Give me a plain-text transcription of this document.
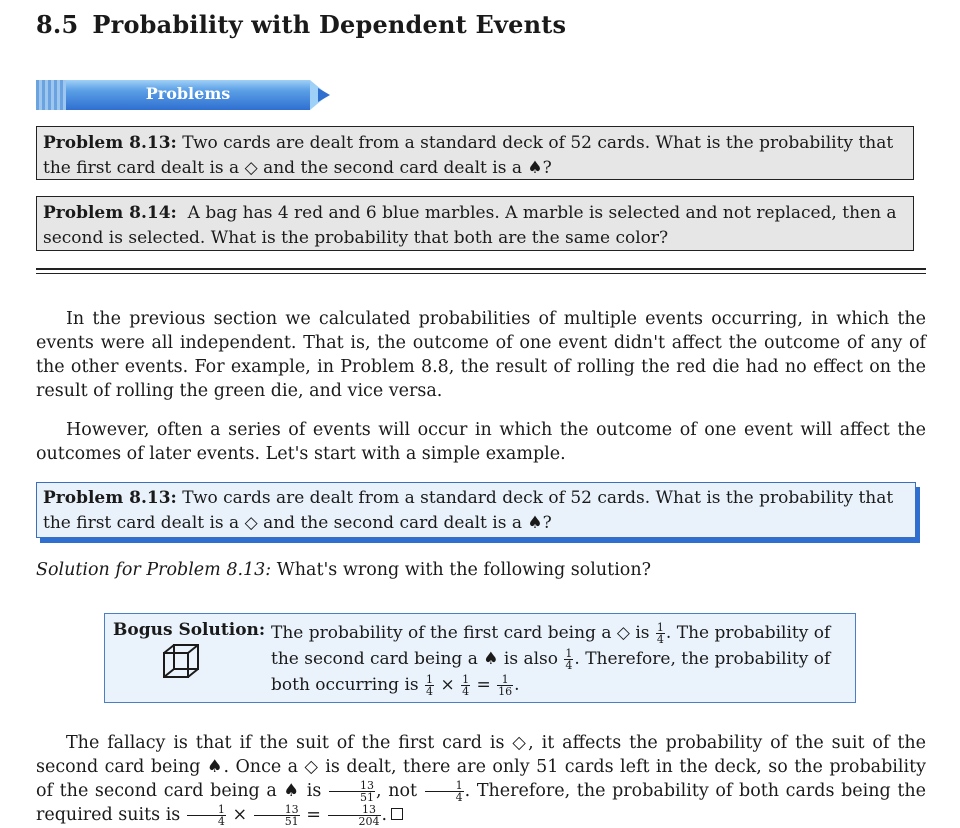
8.5 Probability with Dependent Events
Problems
Problem 8.13: Two cards are dealt from a standard deck of 52 cards. What is the probability that the first card dealt is a ◇ and the second card dealt is a ♠?
Problem 8.14: A bag has 4 red and 6 blue marbles. A marble is selected and not replaced, then a second is selected. What is the probability that both are the same color?
In the previous section we calculated probabilities of multiple events occurring, in which the events were all independent. That is, the outcome of one event didn't affect the outcome of any of the other events. For example, in Problem 8.8, the result of rolling the red die had no effect on the result of rolling the green die, and vice versa.
However, often a series of events will occur in which the outcome of one event will affect the outcomes of later events. Let's start with a simple example.
Problem 8.13: Two cards are dealt from a standard deck of 52 cards. What is the probability that the first card dealt is a ◇ and the second card dealt is a ♠?
Solution for Problem 8.13: What's wrong with the following solution?
Bogus Solution: The probability of the first card being a ◇ is $\frac{1}{4}$ . The probability of the second card being a ♠ is also $\frac{1}{4}$ . Therefore, the probability of both occurring is $\frac{1}{4} \times \frac{1}{4} = \frac{1}{16}$ .
The fallacy is that if the suit of the first card is ◇, it affects the probability of the suit of the second card being ♠. Once a ◇ is dealt, there are only 51 cards left in the deck, so the probability of the second card being a ♠ is $\frac{13}{51}$ , not $\frac{1}{4}$ . Therefore, the probability of both cards being the required suits is $\frac{1}{4} \times \frac{13}{51} = \frac{13}{204}$ .
